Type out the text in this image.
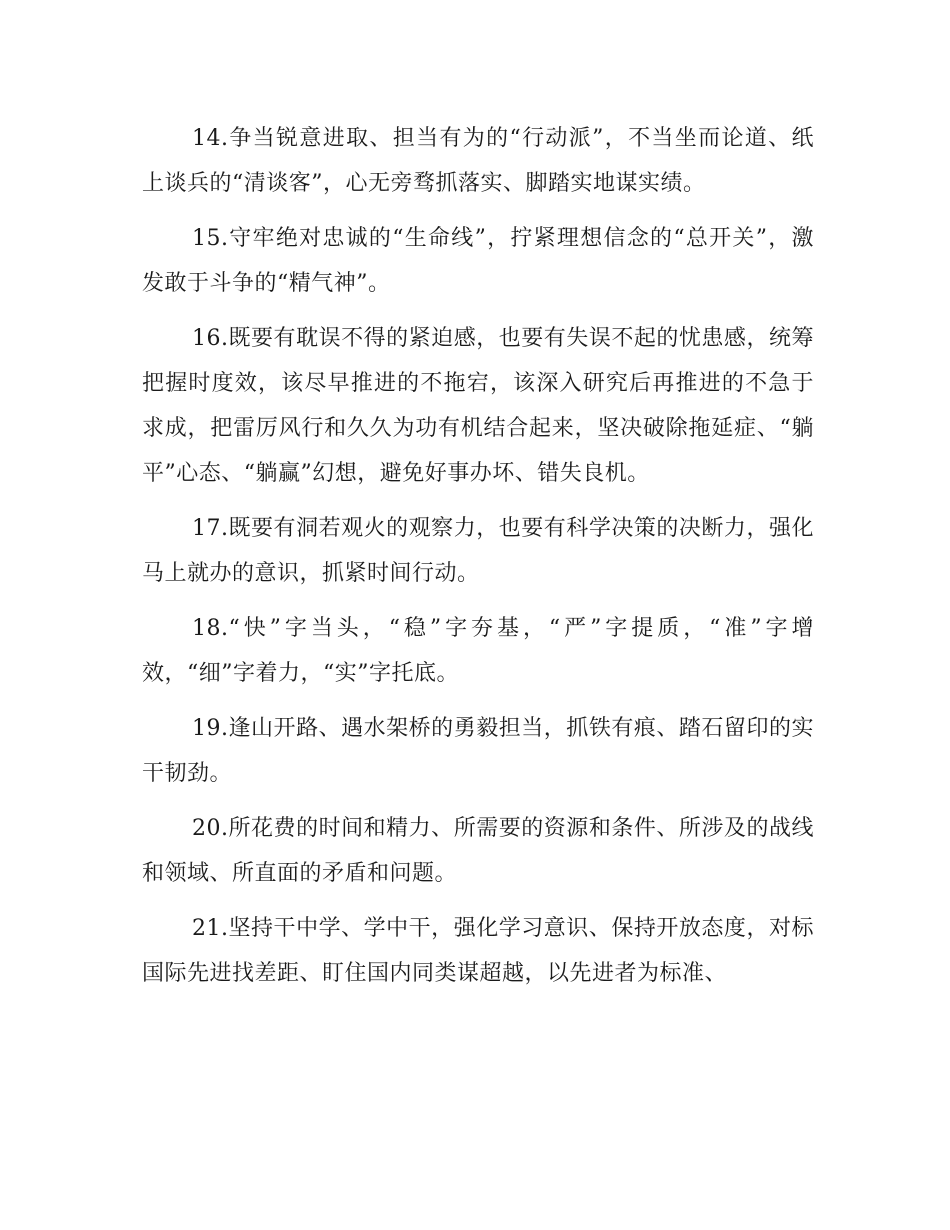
14.争当锐意进取、担当有为的“行动派”，不当坐而论道、纸上谈兵的“清谈客”，心无旁骛抓落实、脚踏实地谋实绩。

15.守牢绝对忠诚的“生命线”，拧紧理想信念的“总开关”，激发敢于斗争的“精气神”。

16.既要有耽误不得的紧迫感，也要有失误不起的忧患感，统筹把握时度效，该尽早推进的不拖宕，该深入研究后再推进的不急于求成，把雷厉风行和久久为功有机结合起来，坚决破除拖延症、“躺平”心态、“躺赢”幻想，避免好事办坏、错失良机。

17.既要有洞若观火的观察力，也要有科学决策的决断力，强化马上就办的意识，抓紧时间行动。

18.“快”字当头，“稳”字夯基，“严”字提质，“准”字增效，“细”字着力，“实”字托底。

19.逢山开路、遇水架桥的勇毅担当，抓铁有痕、踏石留印的实干韧劲。

20.所花费的时间和精力、所需要的资源和条件、所涉及的战线和领域、所直面的矛盾和问题。

21.坚持干中学、学中干，强化学习意识、保持开放态度，对标国际先进找差距、盯住国内同类谋超越，以先进者为标准、
